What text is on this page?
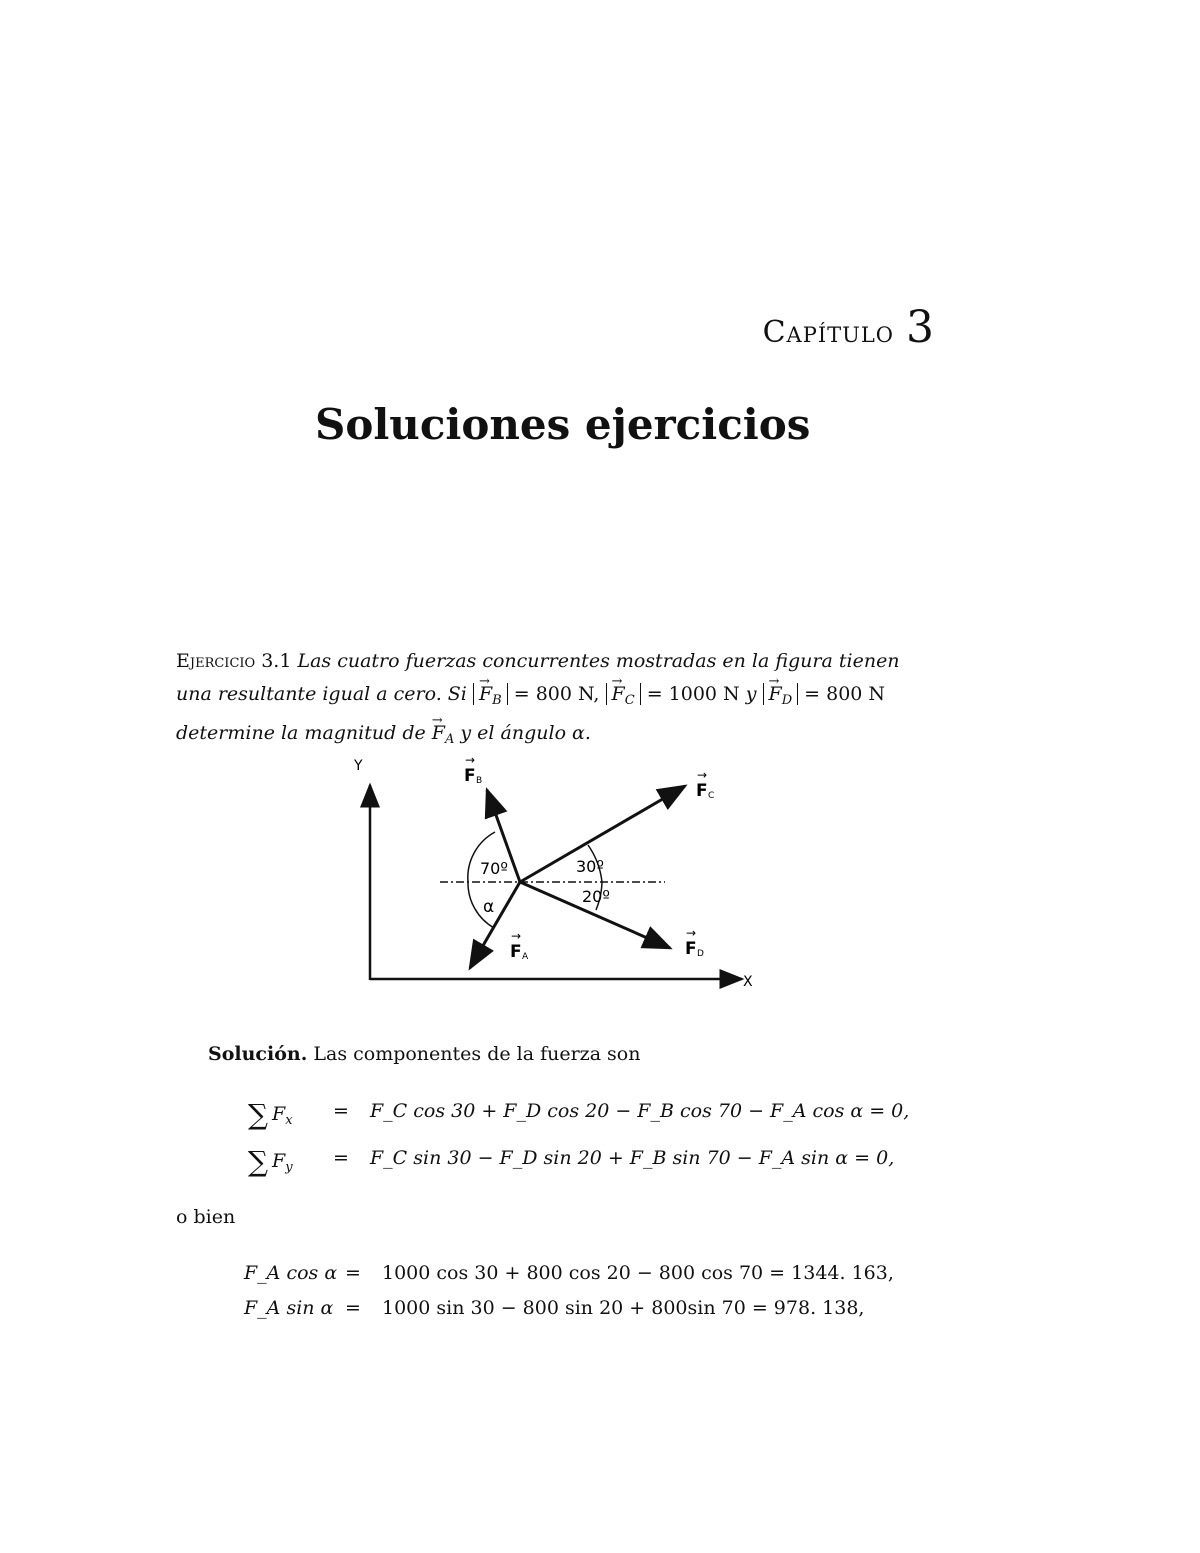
Capítulo 3
Soluciones ejercicios
Ejercicio 3.1 Las cuatro fuerzas concurrentes mostradas en la figura tienen
una resultante igual a cero. $Si \to F_B = 800$ N, → $F_C = 1000$ N $y \to F_D = 800$ N
determine la magnitud de → $F_A$ y el ángulo α.
Y
X
70º
α
30º
20º
F B
→
F C
→
F D
→
F A
→
Solución. Las componentes de la fuerza son
∑ $F_x$ = F_C cos 30 + F_D cos 20 − F_B cos 70 − F_A cos α = 0,
∑ $F_y$ = F_C sin 30 − F_D sin 20 + F_B sin 70 − F_A sin α = 0,
o bien
F_A cos α = 1000 cos 30 + 800 cos 20 − 800 cos 70 = 1344. 163,
F_A sin α = 1000 sin 30 − 800 sin 20 + 800sin 70 = 978. 138,
